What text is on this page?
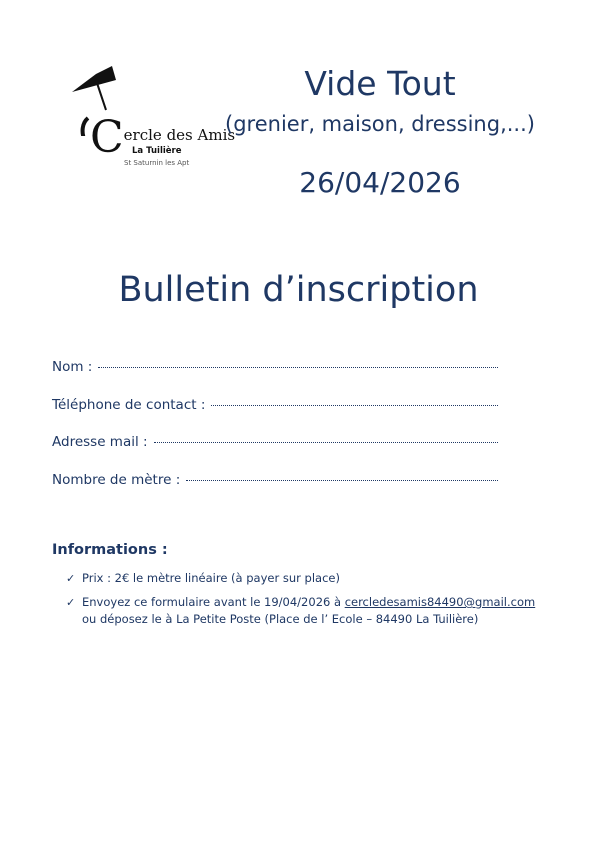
Cercle des Amis
La Tuilière
St Saturnin les Apt
Vide Tout
(grenier, maison, dressing,...)
26/04/2026
Bulletin d’inscription
Nom :
Téléphone de contact :
Adresse mail :
Nombre de mètre :
Informations :
✓ Prix : 2€ le mètre linéaire (à payer sur place)
✓ Envoyez ce formulaire avant le 19/04/2026 à cercledesamis84490@gmail.com
ou déposez le à La Petite Poste (Place de l’ Ecole – 84490 La Tuilière)
